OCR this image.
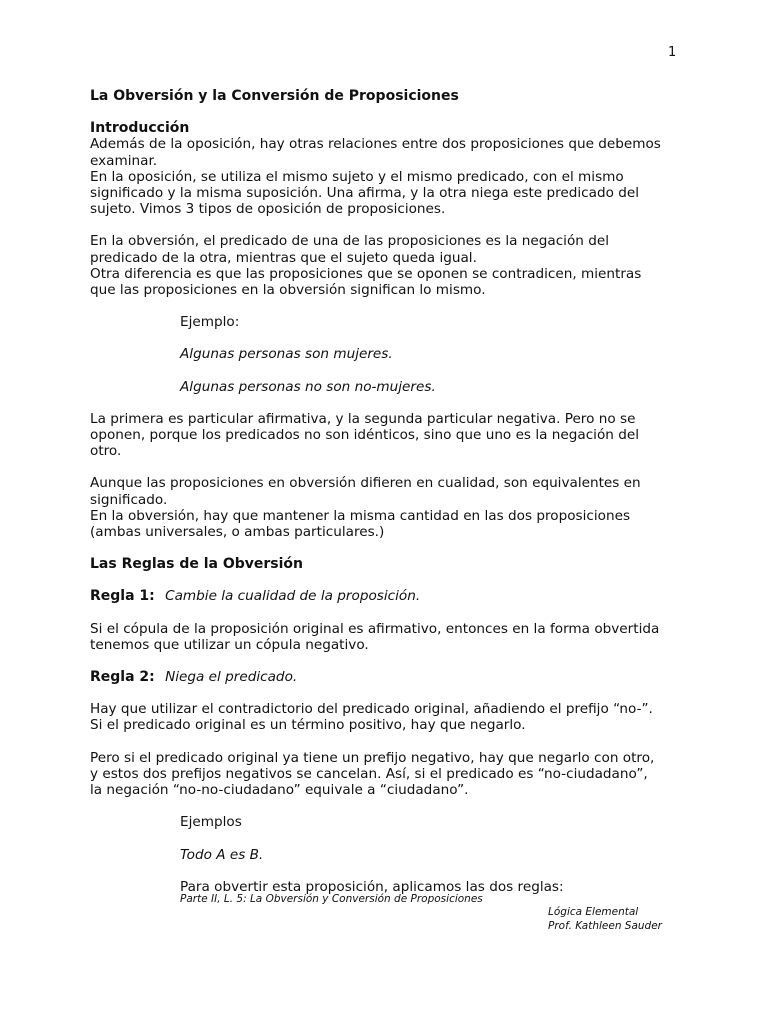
1

La Obversión y la Conversión de Proposiciones

Introducción

Además de la oposición, hay otras relaciones entre dos proposiciones que debemos

examinar.

En la oposición, se utiliza el mismo sujeto y el mismo predicado, con el mismo

significado y la misma suposición. Una afirma, y la otra niega este predicado del

sujeto. Vimos 3 tipos de oposición de proposiciones.

En la obversión, el predicado de una de las proposiciones es la negación del

predicado de la otra, mientras que el sujeto queda igual.

Otra diferencia es que las proposiciones que se oponen se contradicen, mientras

que las proposiciones en la obversión significan lo mismo.

Ejemplo:

Algunas personas son mujeres.

Algunas personas no son no-mujeres.

La primera es particular afirmativa, y la segunda particular negativa. Pero no se

oponen, porque los predicados no son idénticos, sino que uno es la negación del

otro.

Aunque las proposiciones en obversión difieren en cualidad, son equivalentes en

significado.

En la obversión, hay que mantener la misma cantidad en las dos proposiciones

(ambas universales, o ambas particulares.)

Las Reglas de la Obversión

Regla 1: Cambie la cualidad de la proposición.

Si el cópula de la proposición original es afirmativo, entonces en la forma obvertida

tenemos que utilizar un cópula negativo.

Regla 2: Niega el predicado.

Hay que utilizar el contradictorio del predicado original, añadiendo el prefijo “no-”.

Si el predicado original es un término positivo, hay que negarlo.

Pero si el predicado original ya tiene un prefijo negativo, hay que negarlo con otro,

y estos dos prefijos negativos se cancelan. Así, si el predicado es “no-ciudadano”,

la negación “no-no-ciudadano” equivale a “ciudadano”.

Ejemplos

Todo A es B.

Para obvertir esta proposición, aplicamos las dos reglas:

Parte II, L. 5: La Obversión y Conversión de Proposiciones
Lógica Elemental
Prof. Kathleen Sauder
